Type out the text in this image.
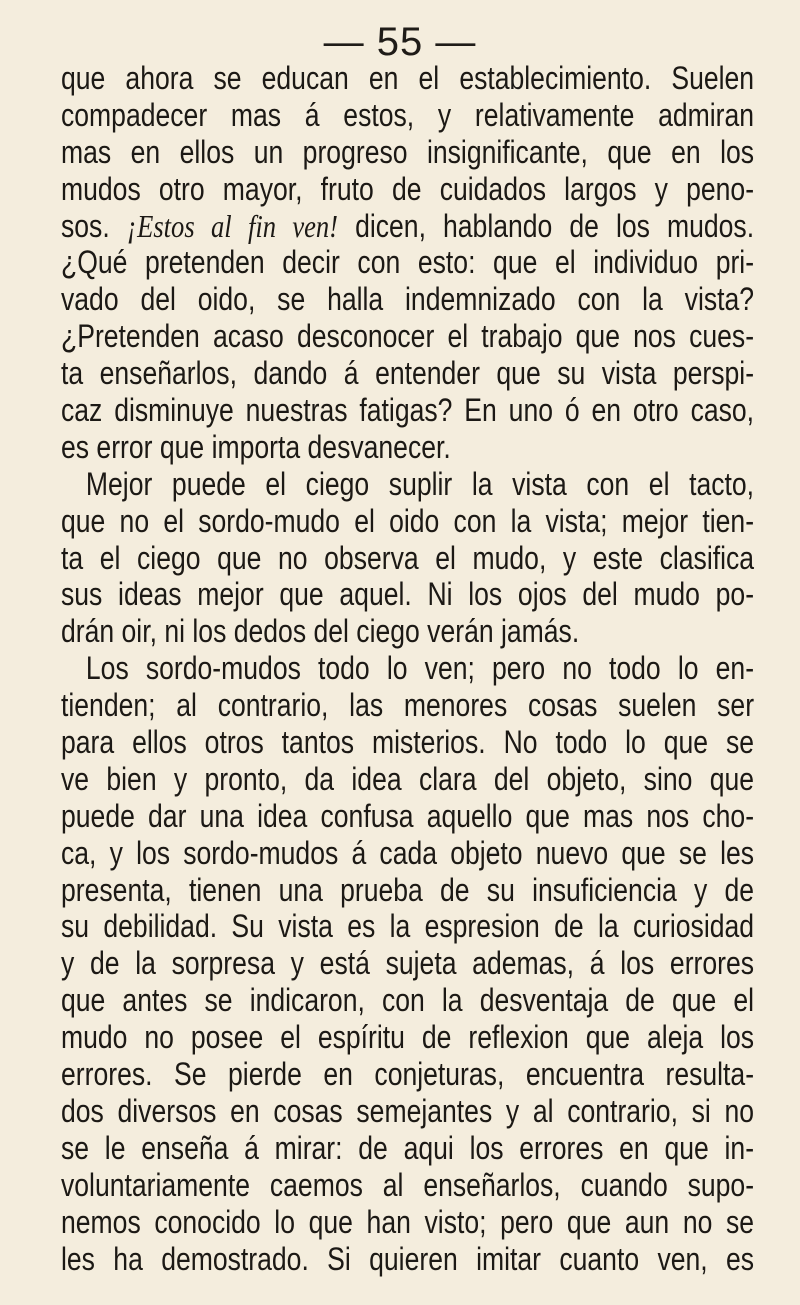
— 55 —
que ahora se educan en el establecimiento. Suelen
compadecer mas á estos, y relativamente admiran
mas en ellos un progreso insignificante, que en los
mudos otro mayor, fruto de cuidados largos y peno-
sos. ¡Estos al fin ven! dicen, hablando de los mudos.
¿Qué pretenden decir con esto: que el individuo pri-
vado del oido, se halla indemnizado con la vista?
¿Pretenden acaso desconocer el trabajo que nos cues-
ta enseñarlos, dando á entender que su vista perspi-
caz disminuye nuestras fatigas? En uno ó en otro caso,
es error que importa desvanecer.
Mejor puede el ciego suplir la vista con el tacto,
que no el sordo-mudo el oido con la vista; mejor tien-
ta el ciego que no observa el mudo, y este clasifica
sus ideas mejor que aquel. Ni los ojos del mudo po-
drán oir, ni los dedos del ciego verán jamás.
Los sordo-mudos todo lo ven; pero no todo lo en-
tienden; al contrario, las menores cosas suelen ser
para ellos otros tantos misterios. No todo lo que se
ve bien y pronto, da idea clara del objeto, sino que
puede dar una idea confusa aquello que mas nos cho-
ca, y los sordo-mudos á cada objeto nuevo que se les
presenta, tienen una prueba de su insuficiencia y de
su debilidad. Su vista es la espresion de la curiosidad
y de la sorpresa y está sujeta ademas, á los errores
que antes se indicaron, con la desventaja de que el
mudo no posee el espíritu de reflexion que aleja los
errores. Se pierde en conjeturas, encuentra resulta-
dos diversos en cosas semejantes y al contrario, si no
se le enseña á mirar: de aqui los errores en que in-
voluntariamente caemos al enseñarlos, cuando supo-
nemos conocido lo que han visto; pero que aun no se
les ha demostrado. Si quieren imitar cuanto ven, es
